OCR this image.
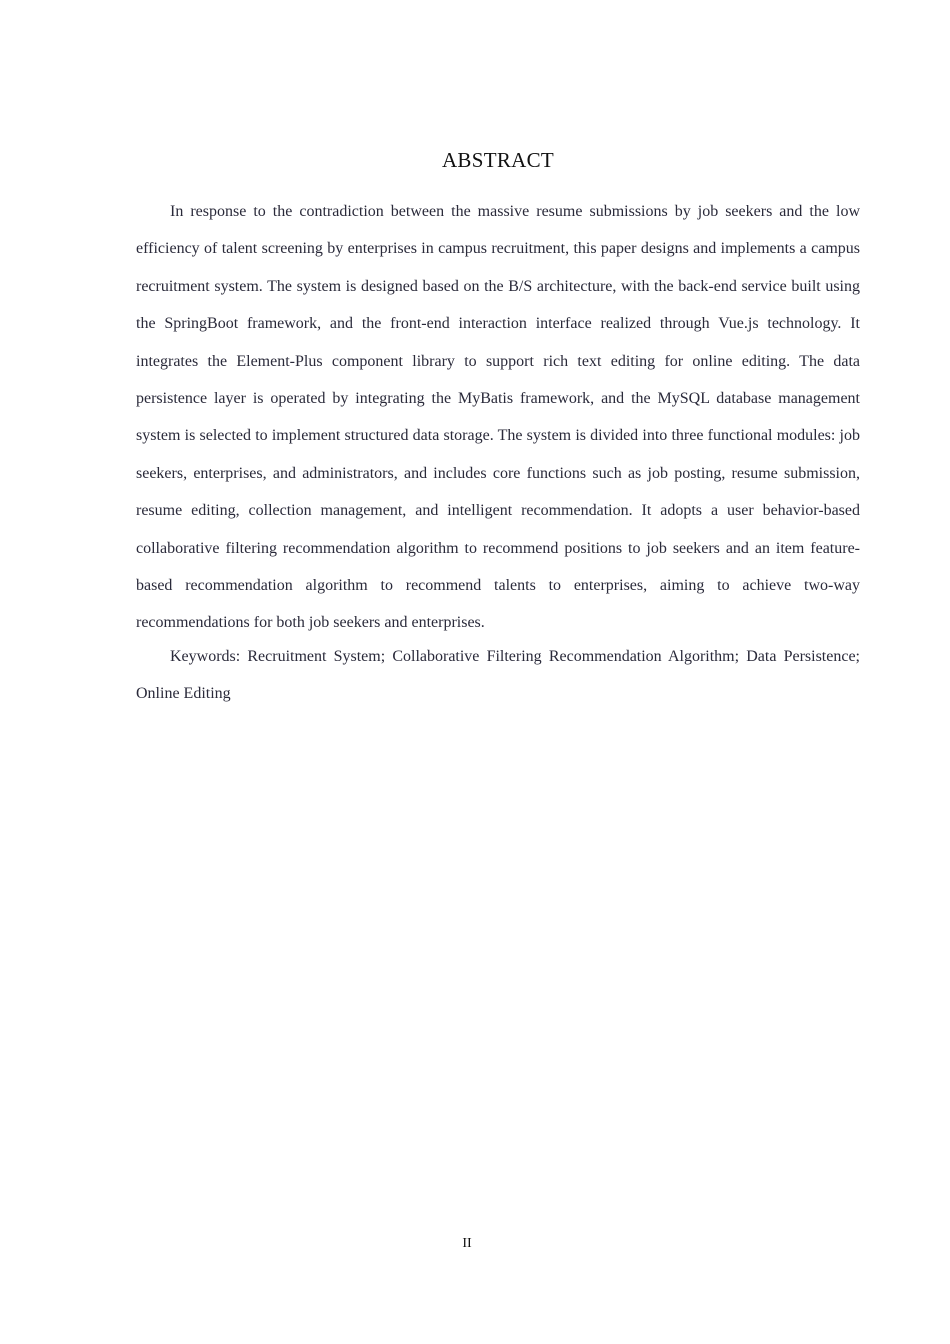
ABSTRACT

In response to the contradiction between the massive resume submissions by job seekers and the low efficiency of talent screening by enterprises in campus recruitment, this paper designs and implements a campus recruitment system. The system is designed based on the B/S architecture, with the back-end service built using the SpringBoot framework, and the front-end interaction interface realized through Vue.js technology. It integrates the Element-Plus component library to support rich text editing for online editing. The data persistence layer is operated by integrating the MyBatis framework, and the MySQL database management system is selected to implement structured data storage. The system is divided into three functional modules: job seekers, enterprises, and administrators, and includes core functions such as job posting, resume submission, resume editing, collection management, and intelligent recommendation. It adopts a user behavior-based collaborative filtering recommendation algorithm to recommend positions to job seekers and an item feature-based recommendation algorithm to recommend talents to enterprises, aiming to achieve two-way recommendations for both job seekers and enterprises.

Keywords: Recruitment System; Collaborative Filtering Recommendation Algorithm; Data Persistence; Online Editing

II
